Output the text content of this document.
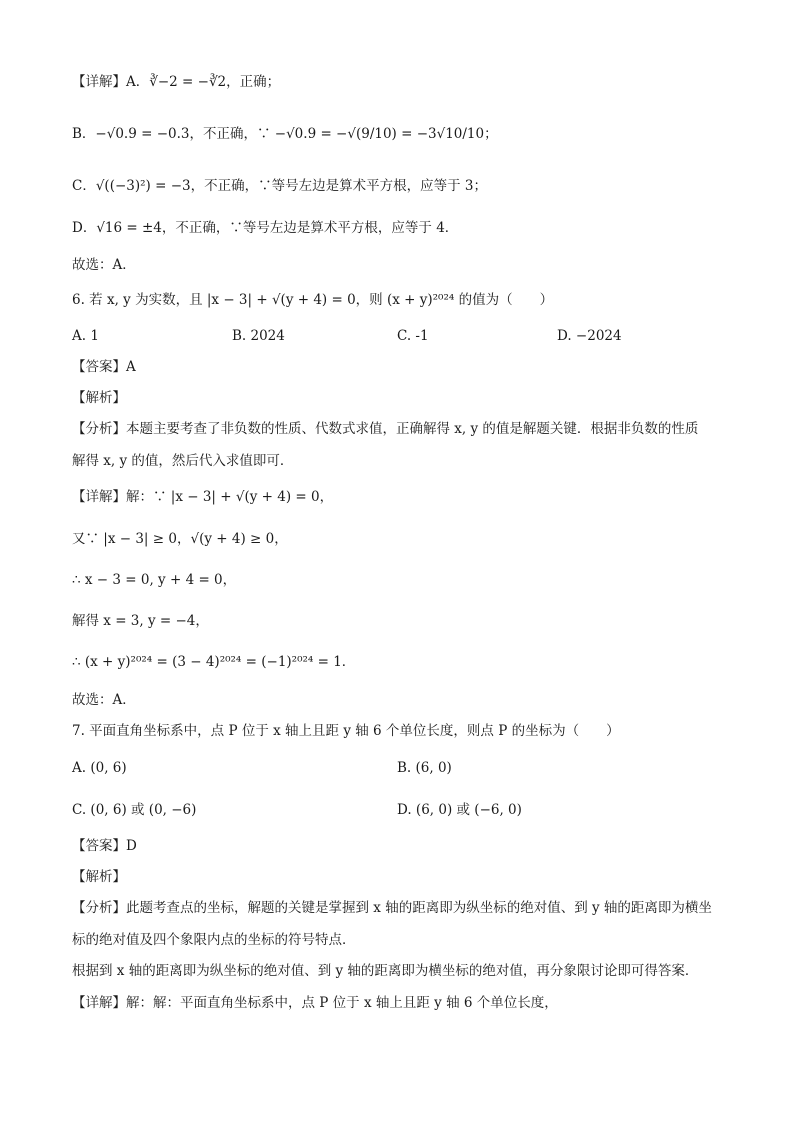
【详解】A．∛−2 = −∛2，正确；
B．−√0.9 = −0.3，不正确，∵ −√0.9 = −√(9/10) = −3√10/10；
C．√((−3)²) = −3，不正确，∵等号左边是算术平方根，应等于 3；
D．√16 = ±4，不正确，∵等号左边是算术平方根，应等于 4．
故选：A．
6. 若 x, y 为实数，且 |x − 3| + √(y + 4) = 0，则 (x + y)²⁰²⁴ 的值为（　　）
A. 1	B. 2024	C. -1	D. −2024
【答案】A
【解析】
【分析】本题主要考查了非负数的性质、代数式求值，正确解得 x, y 的值是解题关键．根据非负数的性质
解得 x, y 的值，然后代入求值即可．
【详解】解：∵ |x − 3| + √(y + 4) = 0，
又∵ |x − 3| ≥ 0，√(y + 4) ≥ 0，
∴ x − 3 = 0, y + 4 = 0，
解得 x = 3, y = −4，
∴ (x + y)²⁰²⁴ = (3 − 4)²⁰²⁴ = (−1)²⁰²⁴ = 1．
故选：A．
7. 平面直角坐标系中，点 P 位于 x 轴上且距 y 轴 6 个单位长度，则点 P 的坐标为（　　）
A. (0, 6)	B. (6, 0)
C. (0, 6) 或 (0, −6)	D. (6, 0) 或 (−6, 0)
【答案】D
【解析】
【分析】此题考查点的坐标，解题的关键是掌握到 x 轴的距离即为纵坐标的绝对值、到 y 轴的距离即为横坐
标的绝对值及四个象限内点的坐标的符号特点．
根据到 x 轴的距离即为纵坐标的绝对值、到 y 轴的距离即为横坐标的绝对值，再分象限讨论即可得答案．
【详解】解：解：平面直角坐标系中，点 P 位于 x 轴上且距 y 轴 6 个单位长度，
